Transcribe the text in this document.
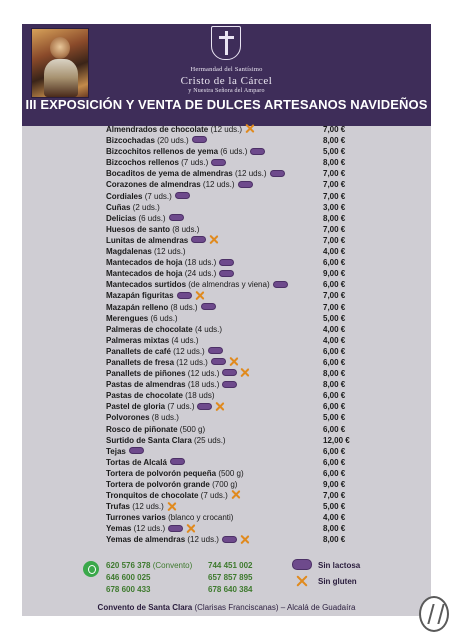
Hermandad del Santísimo
Cristo de la Cárcel
y Nuestra Señora del Amparo
III EXPOSICIÓN Y VENTA DE DULCES ARTESANOS NAVIDEÑOS
Almendrados de chocolate (12 uds.)	7,00 €
Bizcochadas (20 uds.)	8,00 €
Bizcochitos rellenos de yema (6 uds.)	5,00 €
Bizcochos rellenos (7 uds.)	8,00 €
Bocaditos de yema de almendras (12 uds.)	7,00 €
Corazones de almendras (12 uds.)	7,00 €
Cordiales (7 uds.)	7,00 €
Cuñas (2 uds.)	3,00 €
Delicias (6 uds.)	8,00 €
Huesos de santo (8 uds.)	7,00 €
Lunitas de almendras	7,00 €
Magdalenas (12 uds.)	4,00 €
Mantecados de hoja (18 uds.)	6,00 €
Mantecados de hoja (24 uds.)	9,00 €
Mantecados surtidos (de almendras y viena)	6,00 €
Mazapán figuritas	7,00 €
Mazapán relleno (8 uds.)	7,00 €
Merengues (6 uds.)	5,00 €
Palmeras de chocolate (4 uds.)	4,00 €
Palmeras mixtas (4 uds.)	4,00 €
Panallets de café (12 uds.)	6,00 €
Panallets de fresa (12 uds.)	6,00 €
Panallets de piñones (12 uds.)	8,00 €
Pastas de almendras (18 uds.)	8,00 €
Pastas de chocolate (18 uds)	6,00 €
Pastel de gloria (7 uds.)	6,00 €
Polvorones (8 uds.)	5,00 €
Rosco de piñonate (500 g)	6,00 €
Surtido de Santa Clara (25 uds.)	12,00 €
Tejas	6,00 €
Tortas de Alcalá	6,00 €
Tortera de polvorón pequeña (500 g)	6,00 €
Tortera de polvorón grande (700 g)	9,00 €
Tronquitos de chocolate (7 uds.)	7,00 €
Trufas (12 uds.)	5,00 €
Turrones varios (blanco y crocanti)	4,00 €
Yemas (12 uds.)	8,00 €
Yemas de almendras (12 uds.)	8,00 €
620 576 378 (Convento)
646 600 025
678 600 433
744 451 002
657 857 895
678 640 384
Sin lactosa
Sin gluten
Convento de Santa Clara (Clarisas Franciscanas) – Alcalá de Guadaíra
